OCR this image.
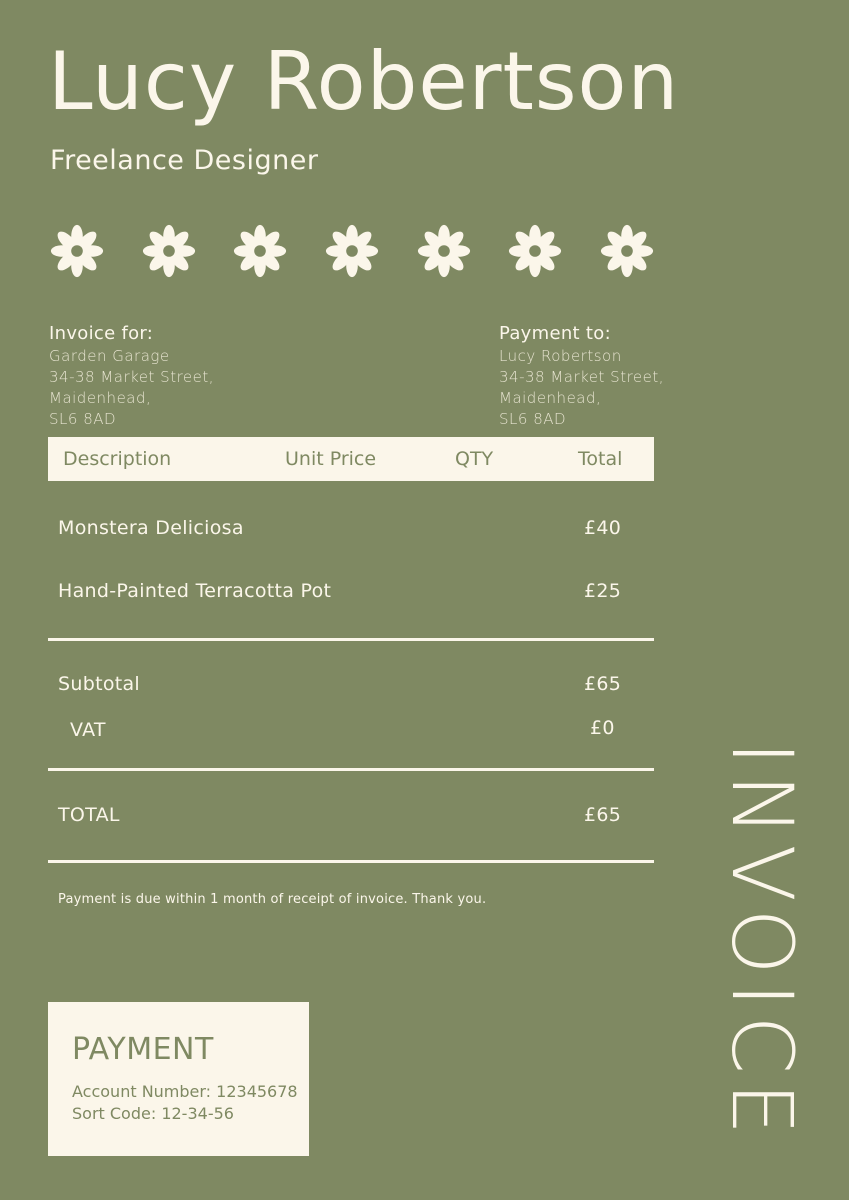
Lucy Robertson
Freelance Designer
Invoice for:
Garden Garage
34-38 Market Street,
Maidenhead,
SL6 8AD
Payment to:
Lucy Robertson
34-38 Market Street,
Maidenhead,
SL6 8AD
Description	Unit Price	QTY	Total
Monstera Deliciosa	£40
Hand-Painted Terracotta Pot	£25
Subtotal	£65
VAT	£0
TOTAL	£65
Payment is due within 1 month of receipt of invoice. Thank you.
PAYMENT
Account Number: 12345678
Sort Code: 12-34-56	INVOICE
